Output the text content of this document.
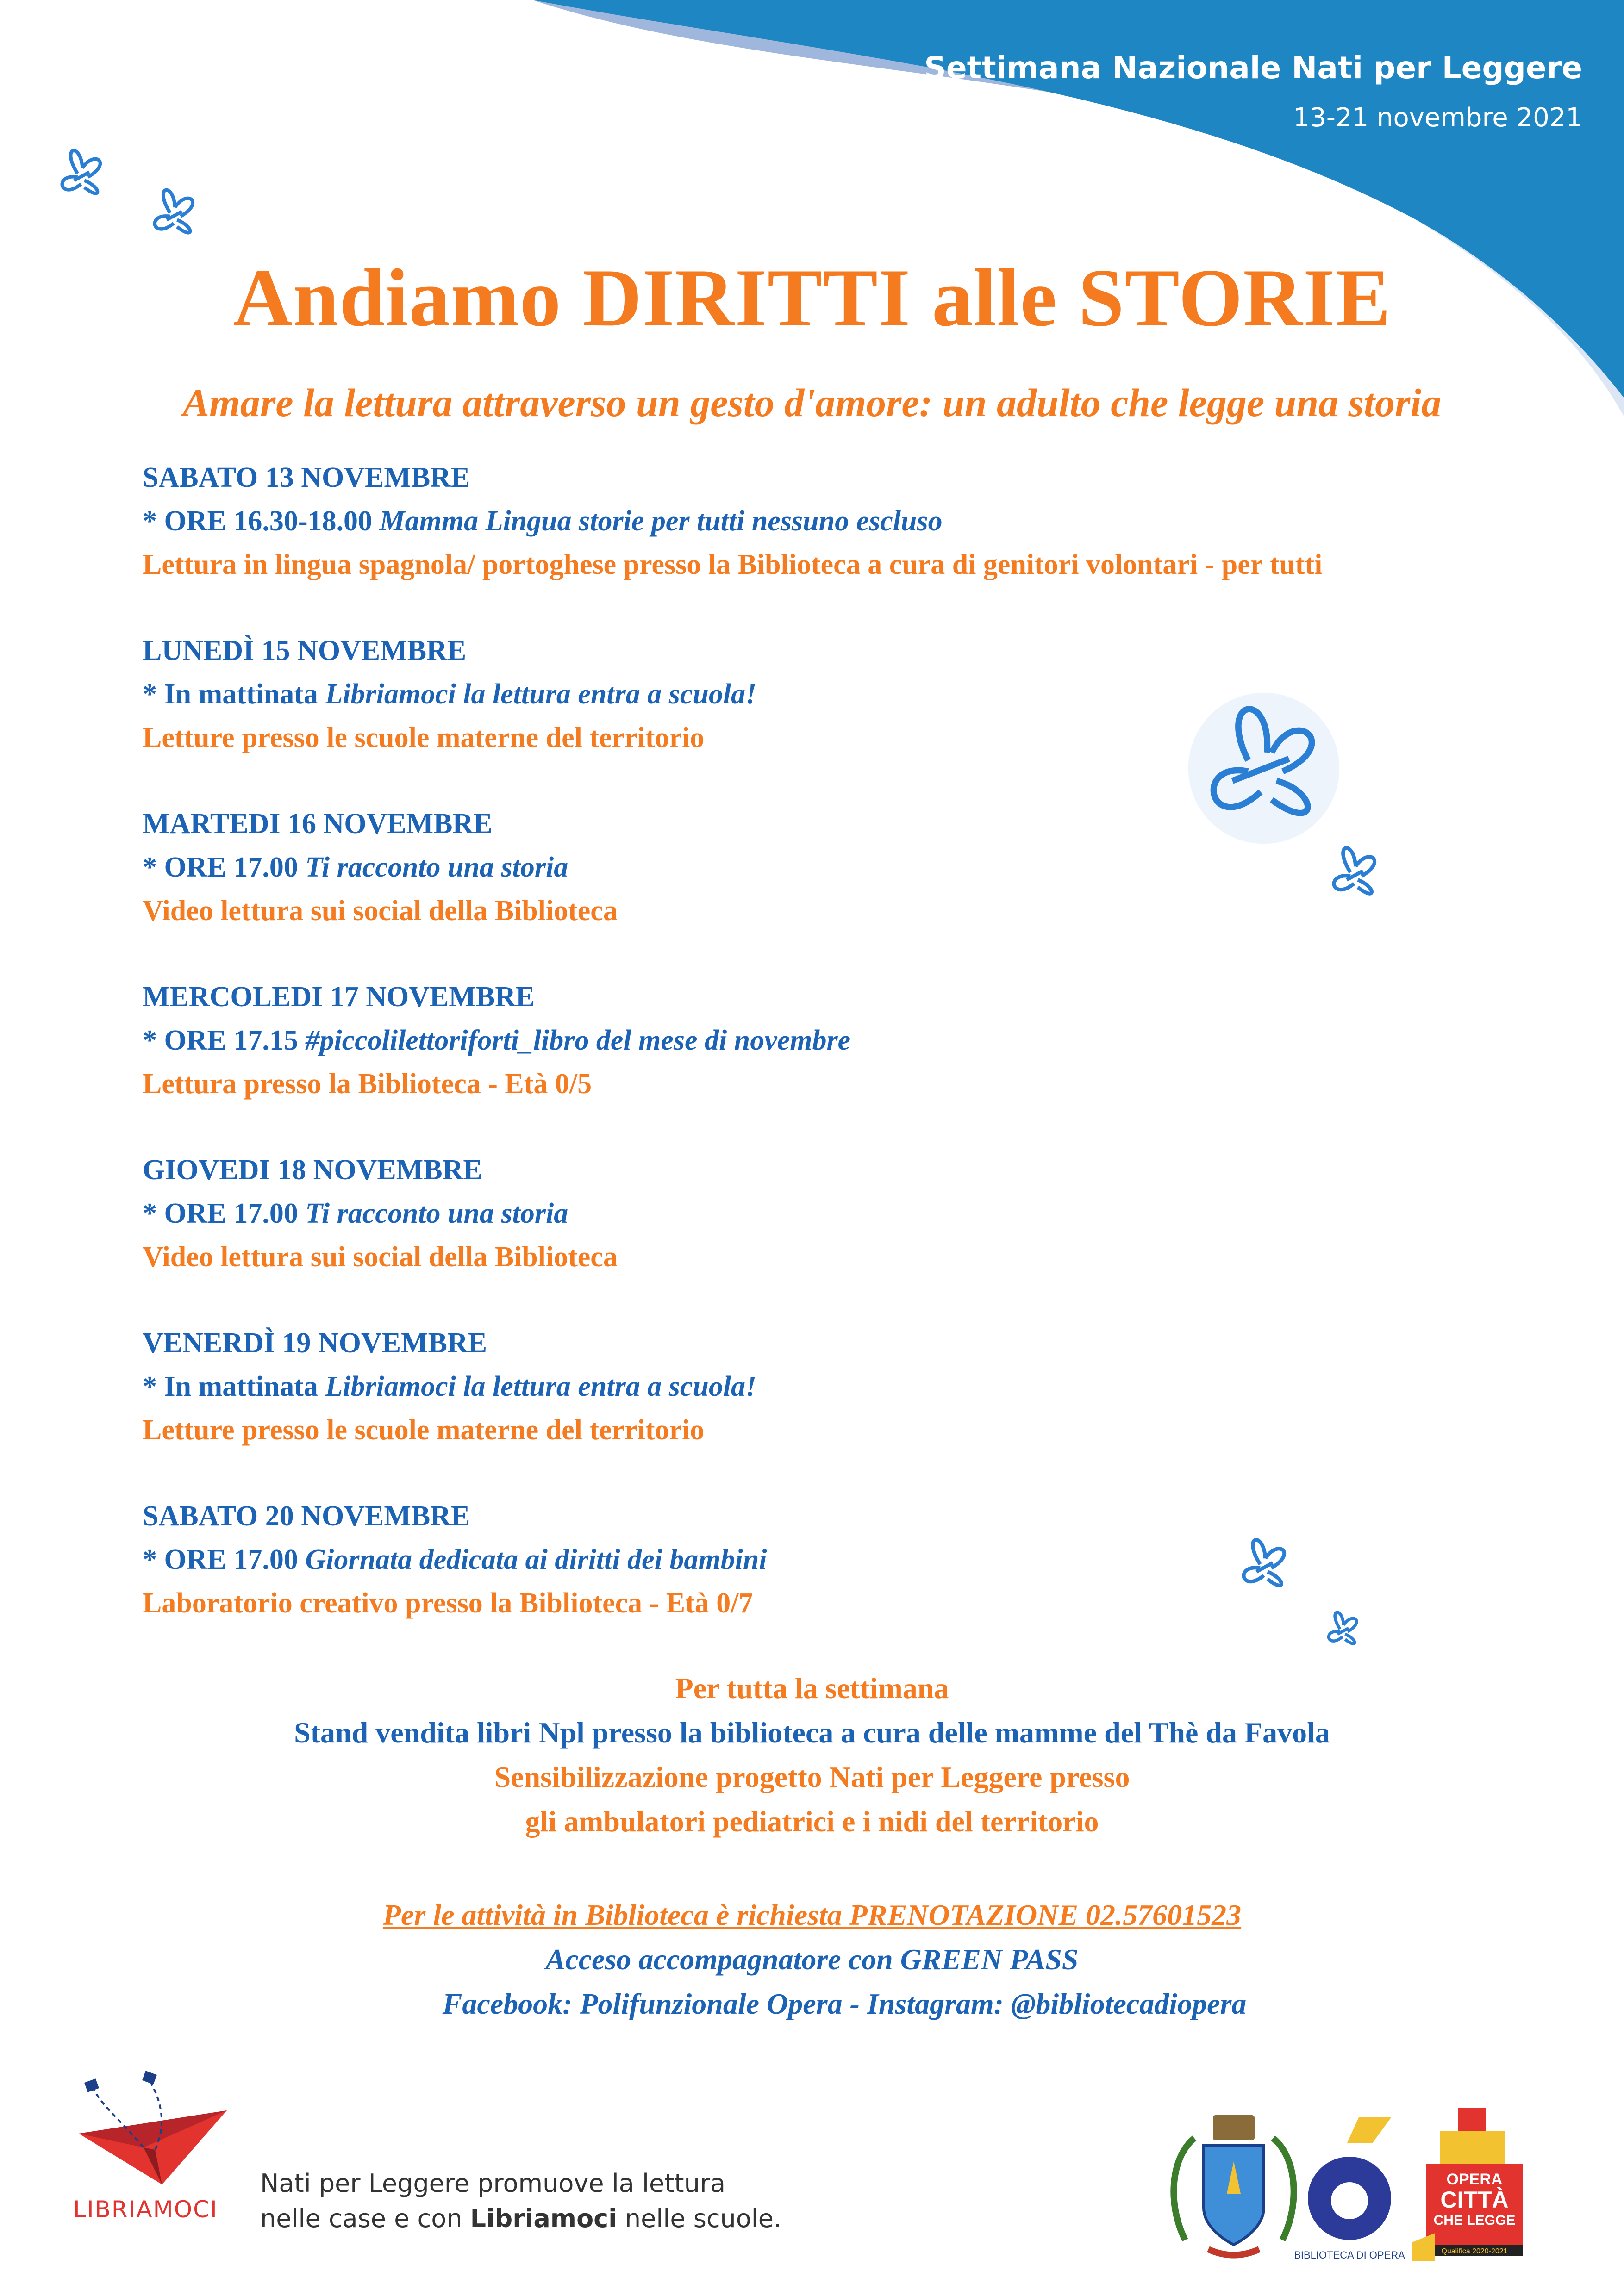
Settimana Nazionale Nati per Leggere
13-21 novembre 2021
Andiamo DIRITTI alle STORIE
Amare la lettura attraverso un gesto d'amore: un adulto che legge una storia
SABATO 13 NOVEMBRE
* ORE 16.30-18.00 Mamma Lingua storie per tutti nessuno escluso
Lettura in lingua spagnola/ portoghese presso la Biblioteca a cura di genitori volontari - per tutti
LUNEDÌ 15 NOVEMBRE
* In mattinata Libriamoci la lettura entra a scuola!
Letture presso le scuole materne del territorio
MARTEDI 16 NOVEMBRE
* ORE 17.00 Ti racconto una storia
Video lettura sui social della Biblioteca
MERCOLEDI 17 NOVEMBRE
* ORE 17.15 #piccolilettoriforti_libro del mese di novembre
Lettura presso la Biblioteca - Età 0/5
GIOVEDI 18 NOVEMBRE
* ORE 17.00 Ti racconto una storia
Video lettura sui social della Biblioteca
VENERDÌ 19 NOVEMBRE
* In mattinata Libriamoci la lettura entra a scuola!
Letture presso le scuole materne del territorio
SABATO 20 NOVEMBRE
* ORE 17.00 Giornata dedicata ai diritti dei bambini
Laboratorio creativo presso la Biblioteca - Età 0/7
Per tutta la settimana
Stand vendita libri Npl presso la biblioteca a cura delle mamme del Thè da Favola
Sensibilizzazione progetto Nati per Leggere presso
gli ambulatori pediatrici e i nidi del territorio
Per le attività in Biblioteca è richiesta PRENOTAZIONE 02.57601523
Acceso accompagnatore con GREEN PASS
Facebook: Polifunzionale Opera - Instagram: @bibliotecadiopera
LIBRIAMOCI
Nati per Leggere promuove la lettura
nelle case e con Libriamoci nelle scuole.
BIBLIOTECA DI OPERA
OPERA
CITTÀ
CHE LEGGE
Qualifica 2020-2021
